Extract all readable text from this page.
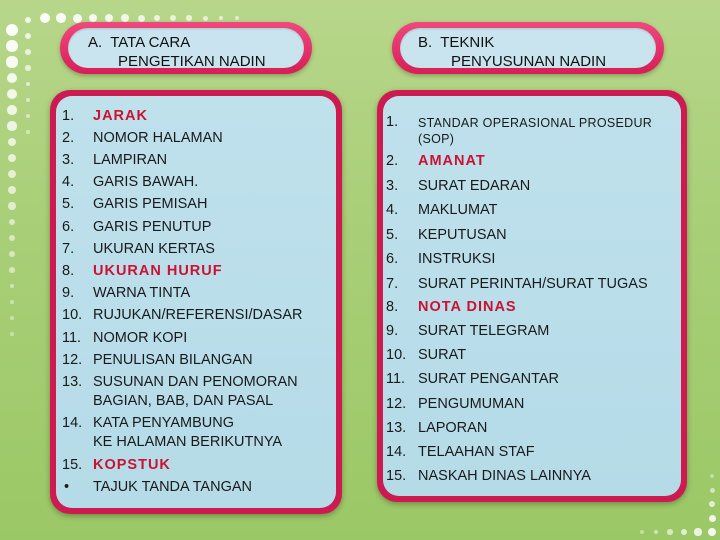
A.  TATA CARA
PENGETIKAN NADIN
B.  TEKNIK
PENYUSUNAN NADIN
1. JARAK
2. NOMOR HALAMAN
3. LAMPIRAN
4. GARIS BAWAH.
5. GARIS PEMISAH
6. GARIS PENUTUP
7. UKURAN KERTAS
8. UKURAN HURUF
9. WARNA TINTA
10. RUJUKAN/REFERENSI/DASAR
11. NOMOR KOPI
12. PENULISAN BILANGAN
13. SUSUNAN DAN PENOMORAN
BAGIAN, BAB, DAN PASAL
14. KATA PENYAMBUNG
KE HALAMAN BERIKUTNYA
15. KOPSTUK
• TAJUK TANDA TANGAN
1. STANDAR OPERASIONAL PROSEDUR
(SOP)
2. AMANAT
3. SURAT EDARAN
4. MAKLUMAT
5. KEPUTUSAN
6. INSTRUKSI
7. SURAT PERINTAH/SURAT TUGAS
8. NOTA DINAS
9. SURAT TELEGRAM
10. SURAT
11. SURAT PENGANTAR
12. PENGUMUMAN
13. LAPORAN
14. TELAAHAN STAF
15. NASKAH DINAS LAINNYA
